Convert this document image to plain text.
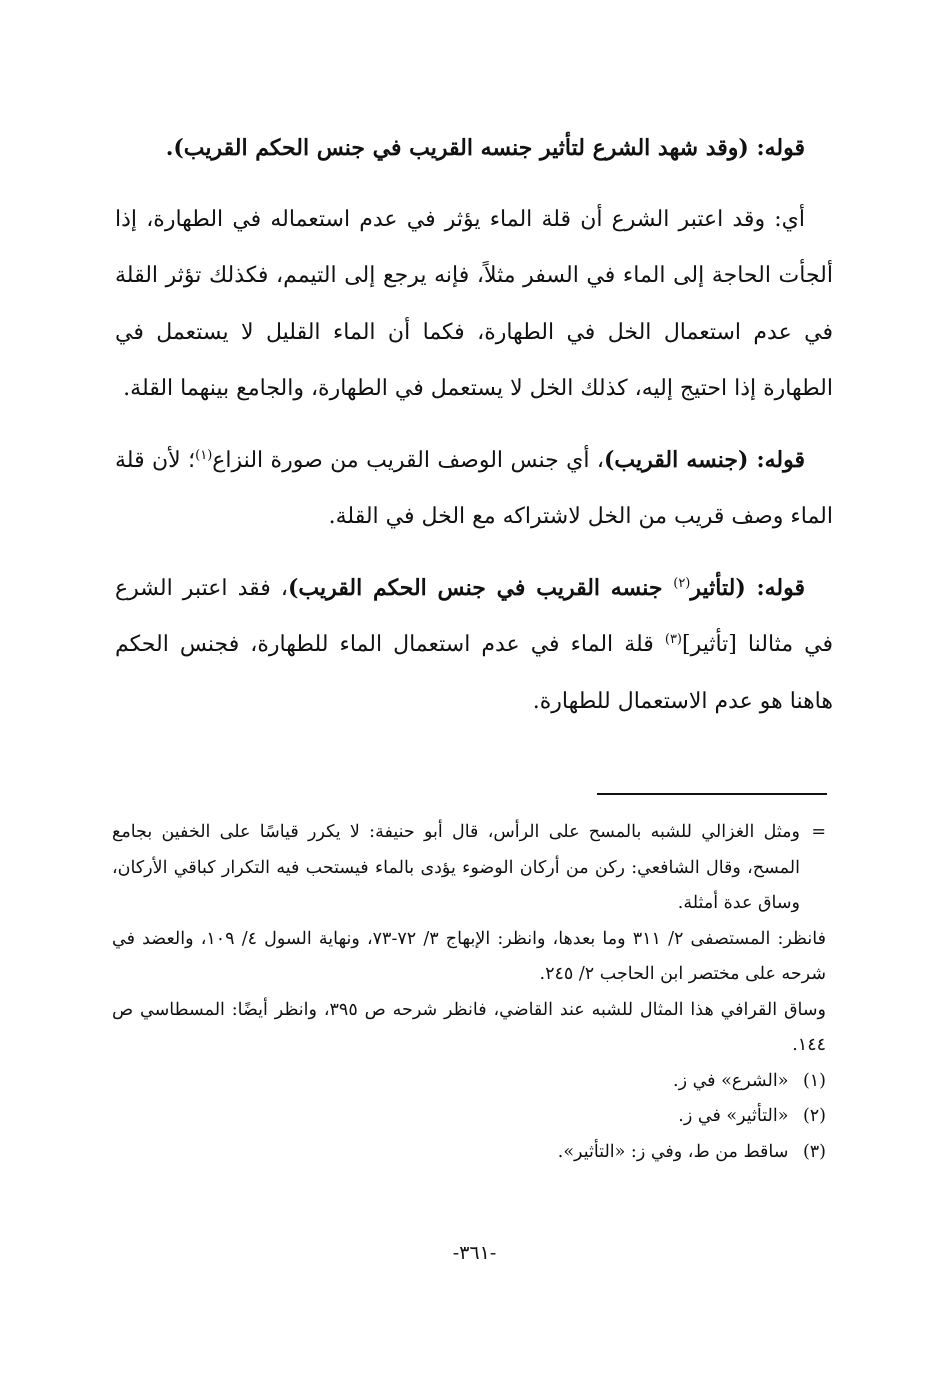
قوله: (وقد شهد الشرع لتأثير جنسه القريب في جنس الحكم القريب).

أي: وقد اعتبر الشرع أن قلة الماء يؤثر في عدم استعماله في الطهارة، إذا ألجأت الحاجة إلى الماء في السفر مثلاً، فإنه يرجع إلى التيمم، فكذلك تؤثر القلة في عدم استعمال الخل في الطهارة، فكما أن الماء القليل لا يستعمل في الطهارة إذا احتيج إليه، كذلك الخل لا يستعمل في الطهارة، والجامع بينهما القلة.

قوله: (جنسه القريب)، أي جنس الوصف القريب من صورة النزاع$^{(١)}$؛ لأن قلة الماء وصف قريب من الخل لاشتراكه مع الخل في القلة.

قوله: (لتأثير$^{(٢)}$ جنسه القريب في جنس الحكم القريب)، فقد اعتبر الشرع في مثالنا [تأثير]$^{(٣)}$ قلة الماء في عدم استعمال الماء للطهارة، فجنس الحكم هاهنا هو عدم الاستعمال للطهارة.

=
ومثل الغزالي للشبه بالمسح على الرأس، قال أبو حنيفة: لا يكرر قياسًا على الخفين بجامع المسح، وقال الشافعي: ركن من أركان الوضوء يؤدى بالماء فيستحب فيه التكرار كباقي الأركان، وساق عدة أمثلة.

فانظر: المستصفى ٢/ ٣١١ وما بعدها، وانظر: الإبهاج ٣/ ٧٢-٧٣، ونهاية السول ٤/ ١٠٩، والعضد في شرحه على مختصر ابن الحاجب ٢/ ٢٤٥.

وساق القرافي هذا المثال للشبه عند القاضي، فانظر شرحه ص ٣٩٥، وانظر أيضًا: المسطاسي ص ١٤٤.

(١) «الشرع» في ز.

(٢) «التأثير» في ز.

(٣) ساقط من ط، وفي ز: «التأثير».

-٣٦١-
